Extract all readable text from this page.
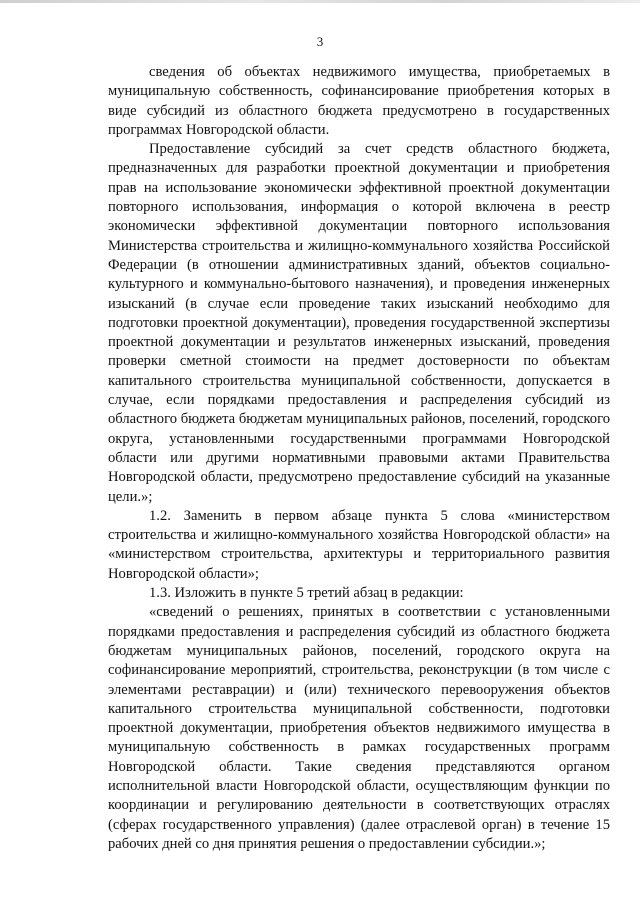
3

сведения об объектах недвижимого имущества, приобретаемых в муниципальную собственность, софинансирование приобретения которых в виде субсидий из областного бюджета предусмотрено в государственных программах Новгородской области.

Предоставление субсидий за счет средств областного бюджета, предназначенных для разработки проектной документации и приобретения прав на использование экономически эффективной проектной документации повторного использования, информация о которой включена в реестр экономически эффективной документации повторного использования Министерства строительства и жилищно-коммунального хозяйства Российской Федерации (в отношении административных зданий, объектов социально-культурного и коммунально-бытового назначения), и проведения инженерных изысканий (в случае если проведение таких изысканий необходимо для подготовки проектной документации), проведения государственной экспертизы проектной документации и результатов инженерных изысканий, проведения проверки сметной стоимости на предмет достоверности по объектам капитального строительства муниципальной собственности, допускается в случае, если порядками предоставления и распределения субсидий из областного бюджета бюджетам муниципальных районов, поселений, городского округа, установленными государственными программами Новгородской области или другими нормативными правовыми актами Правительства Новгородской области, предусмотрено предоставление субсидий на указанные цели.»;

1.2. Заменить в первом абзаце пункта 5 слова «министерством строительства и жилищно-коммунального хозяйства Новгородской области» на «министерством строительства, архитектуры и территориального развития Новгородской области»;

1.3. Изложить в пункте 5 третий абзац в редакции:

«сведений о решениях, принятых в соответствии с установленными порядками предоставления и распределения субсидий из областного бюджета бюджетам муниципальных районов, поселений, городского округа на софинансирование мероприятий, строительства, реконструкции (в том числе с элементами реставрации) и (или) технического перевооружения объектов капитального строительства муниципальной собственности, подготовки проектной документации, приобретения объектов недвижимого имущества в муниципальную собственность в рамках государственных программ Новгородской области. Такие сведения представляются органом исполнительной власти Новгородской области, осуществляющим функции по координации и регулированию деятельности в соответствующих отраслях (сферах государственного управления) (далее отраслевой орган) в течение 15 рабочих дней со дня принятия решения о предоставлении субсидии.»;
